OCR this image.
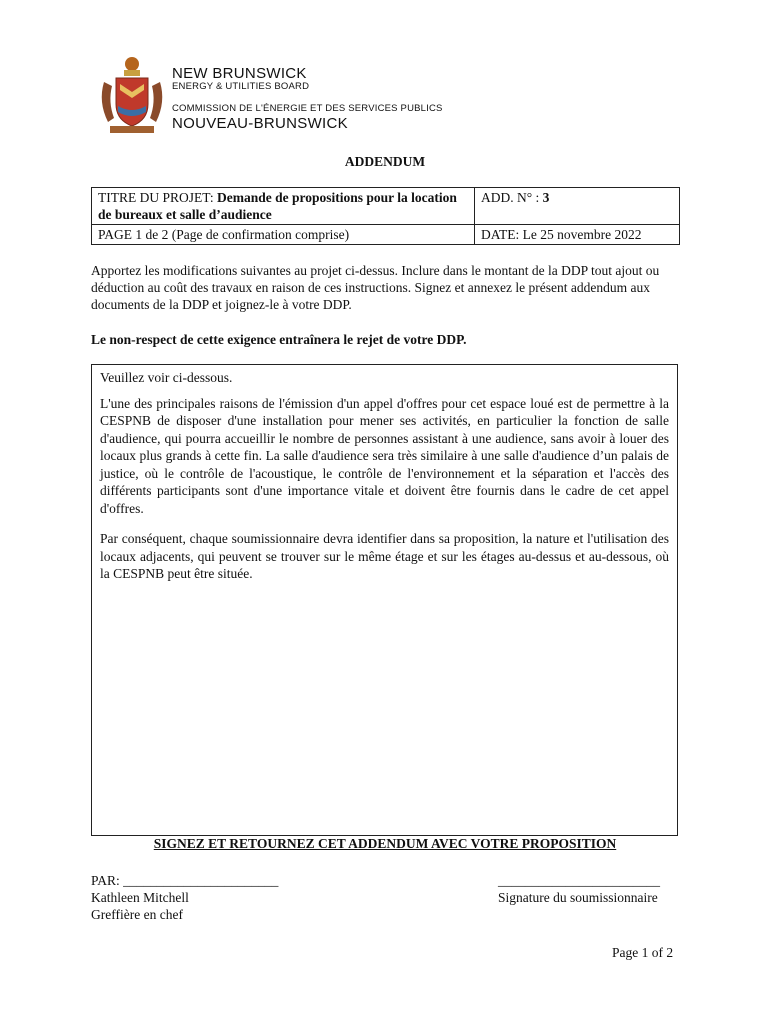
NEW BRUNSWICK
ENERGY & UTILITIES BOARD
COMMISSION DE L'ÉNERGIE ET DES SERVICES PUBLICS
NOUVEAU-BRUNSWICK
ADDENDUM
TITRE DU PROJET: Demande de propositions pour la location de bureaux et salle d’audience	ADD. N° : 3
PAGE 1 de 2 (Page de confirmation comprise)	DATE: Le 25 novembre 2022
Apportez les modifications suivantes au projet ci-dessus. Inclure dans le montant de la DDP tout ajout ou déduction au coût des travaux en raison de ces instructions. Signez et annexez le présent addendum aux documents de la DDP et joignez-le à votre DDP.
Le non-respect de cette exigence entraînera le rejet de votre DDP.

Veuillez voir ci-dessous.

L'une des principales raisons de l'émission d'un appel d'offres pour cet espace loué est de permettre à la CESPNB de disposer d'une installation pour mener ses activités, en particulier la fonction de salle d'audience, qui pourra accueillir le nombre de personnes assistant à une audience, sans avoir à louer des locaux plus grands à cette fin. La salle d'audience sera très similaire à une salle d'audience d’un palais de justice, où le contrôle de l'acoustique, le contrôle de l'environnement et la séparation et l'accès des différents participants sont d'une importance vitale et doivent être fournis dans le cadre de cet appel d'offres.

Par conséquent, chaque soumissionnaire devra identifier dans sa proposition, la nature et l'utilisation des locaux adjacents, qui peuvent se trouver sur le même étage et sur les étages au-dessus et au-dessous, où la CESPNB peut être située.

SIGNEZ ET RETOURNEZ CET ADDENDUM AVEC VOTRE PROPOSITION
PAR: _______________________
Kathleen Mitchell
Greffière en chef
________________________
Signature du soumissionnaire
Page 1 of 2
